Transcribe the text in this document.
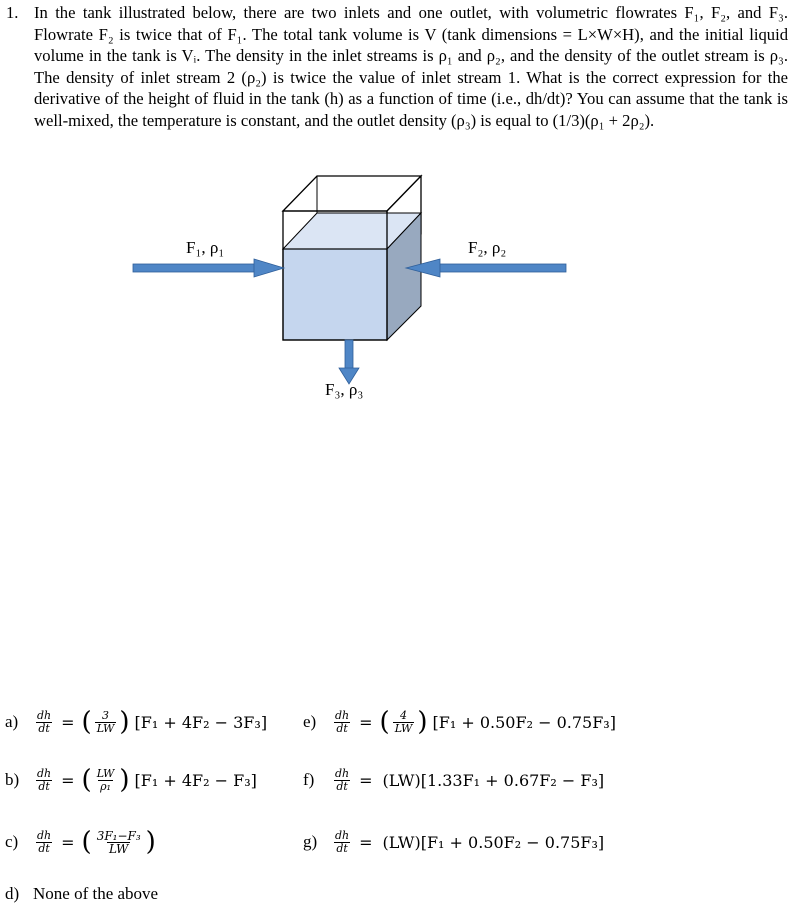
1. In the tank illustrated below, there are two inlets and one outlet, with volumetric flowrates F₁, F₂, and F₃. Flowrate F₂ is twice that of F₁. The total tank volume is V (tank dimensions = L×W×H), and the initial liquid volume in the tank is Vᵢ. The density in the inlet streams is ρ₁ and ρ₂, and the density of the outlet stream is ρ₃. The density of inlet stream 2 (ρ₂) is twice the value of inlet stream 1. What is the correct expression for the derivative of the height of fluid in the tank (h) as a function of time (i.e., dh/dt)? You can assume that the tank is well-mixed, the temperature is constant, and the outlet density (ρ₃) is equal to (1/3)(ρ₁ + 2ρ₂).
F₁, ρ₁	F₂, ρ₂
F₃, ρ₃
a)	$\frac{dh}{dt}$ = ( $\frac{3}{LW}$ ) [F₁ + 4F₂ − 3F₃]
b)	$\frac{dh}{dt}$ = ( $\frac{LW}{\text{ρ₁}}$ ) [F₁ + 4F₂ − F₃]
c)	$\frac{dh}{dt}$ = ( $\frac{\text{3F₁−F₃}}{LW}$ )
d) None of the above
e)	$\frac{dh}{dt}$ = ( $\frac{4}{LW}$ ) [F₁ + 0.50F₂ − 0.75F₃]
f)	$\frac{dh}{dt} = (LW)[1.33F_1 + 0.67F_2 - F_3]$
g)	$\frac{dh}{dt} = (LW)[F_1 + 0.50F_2 - 0.75F_3]$
